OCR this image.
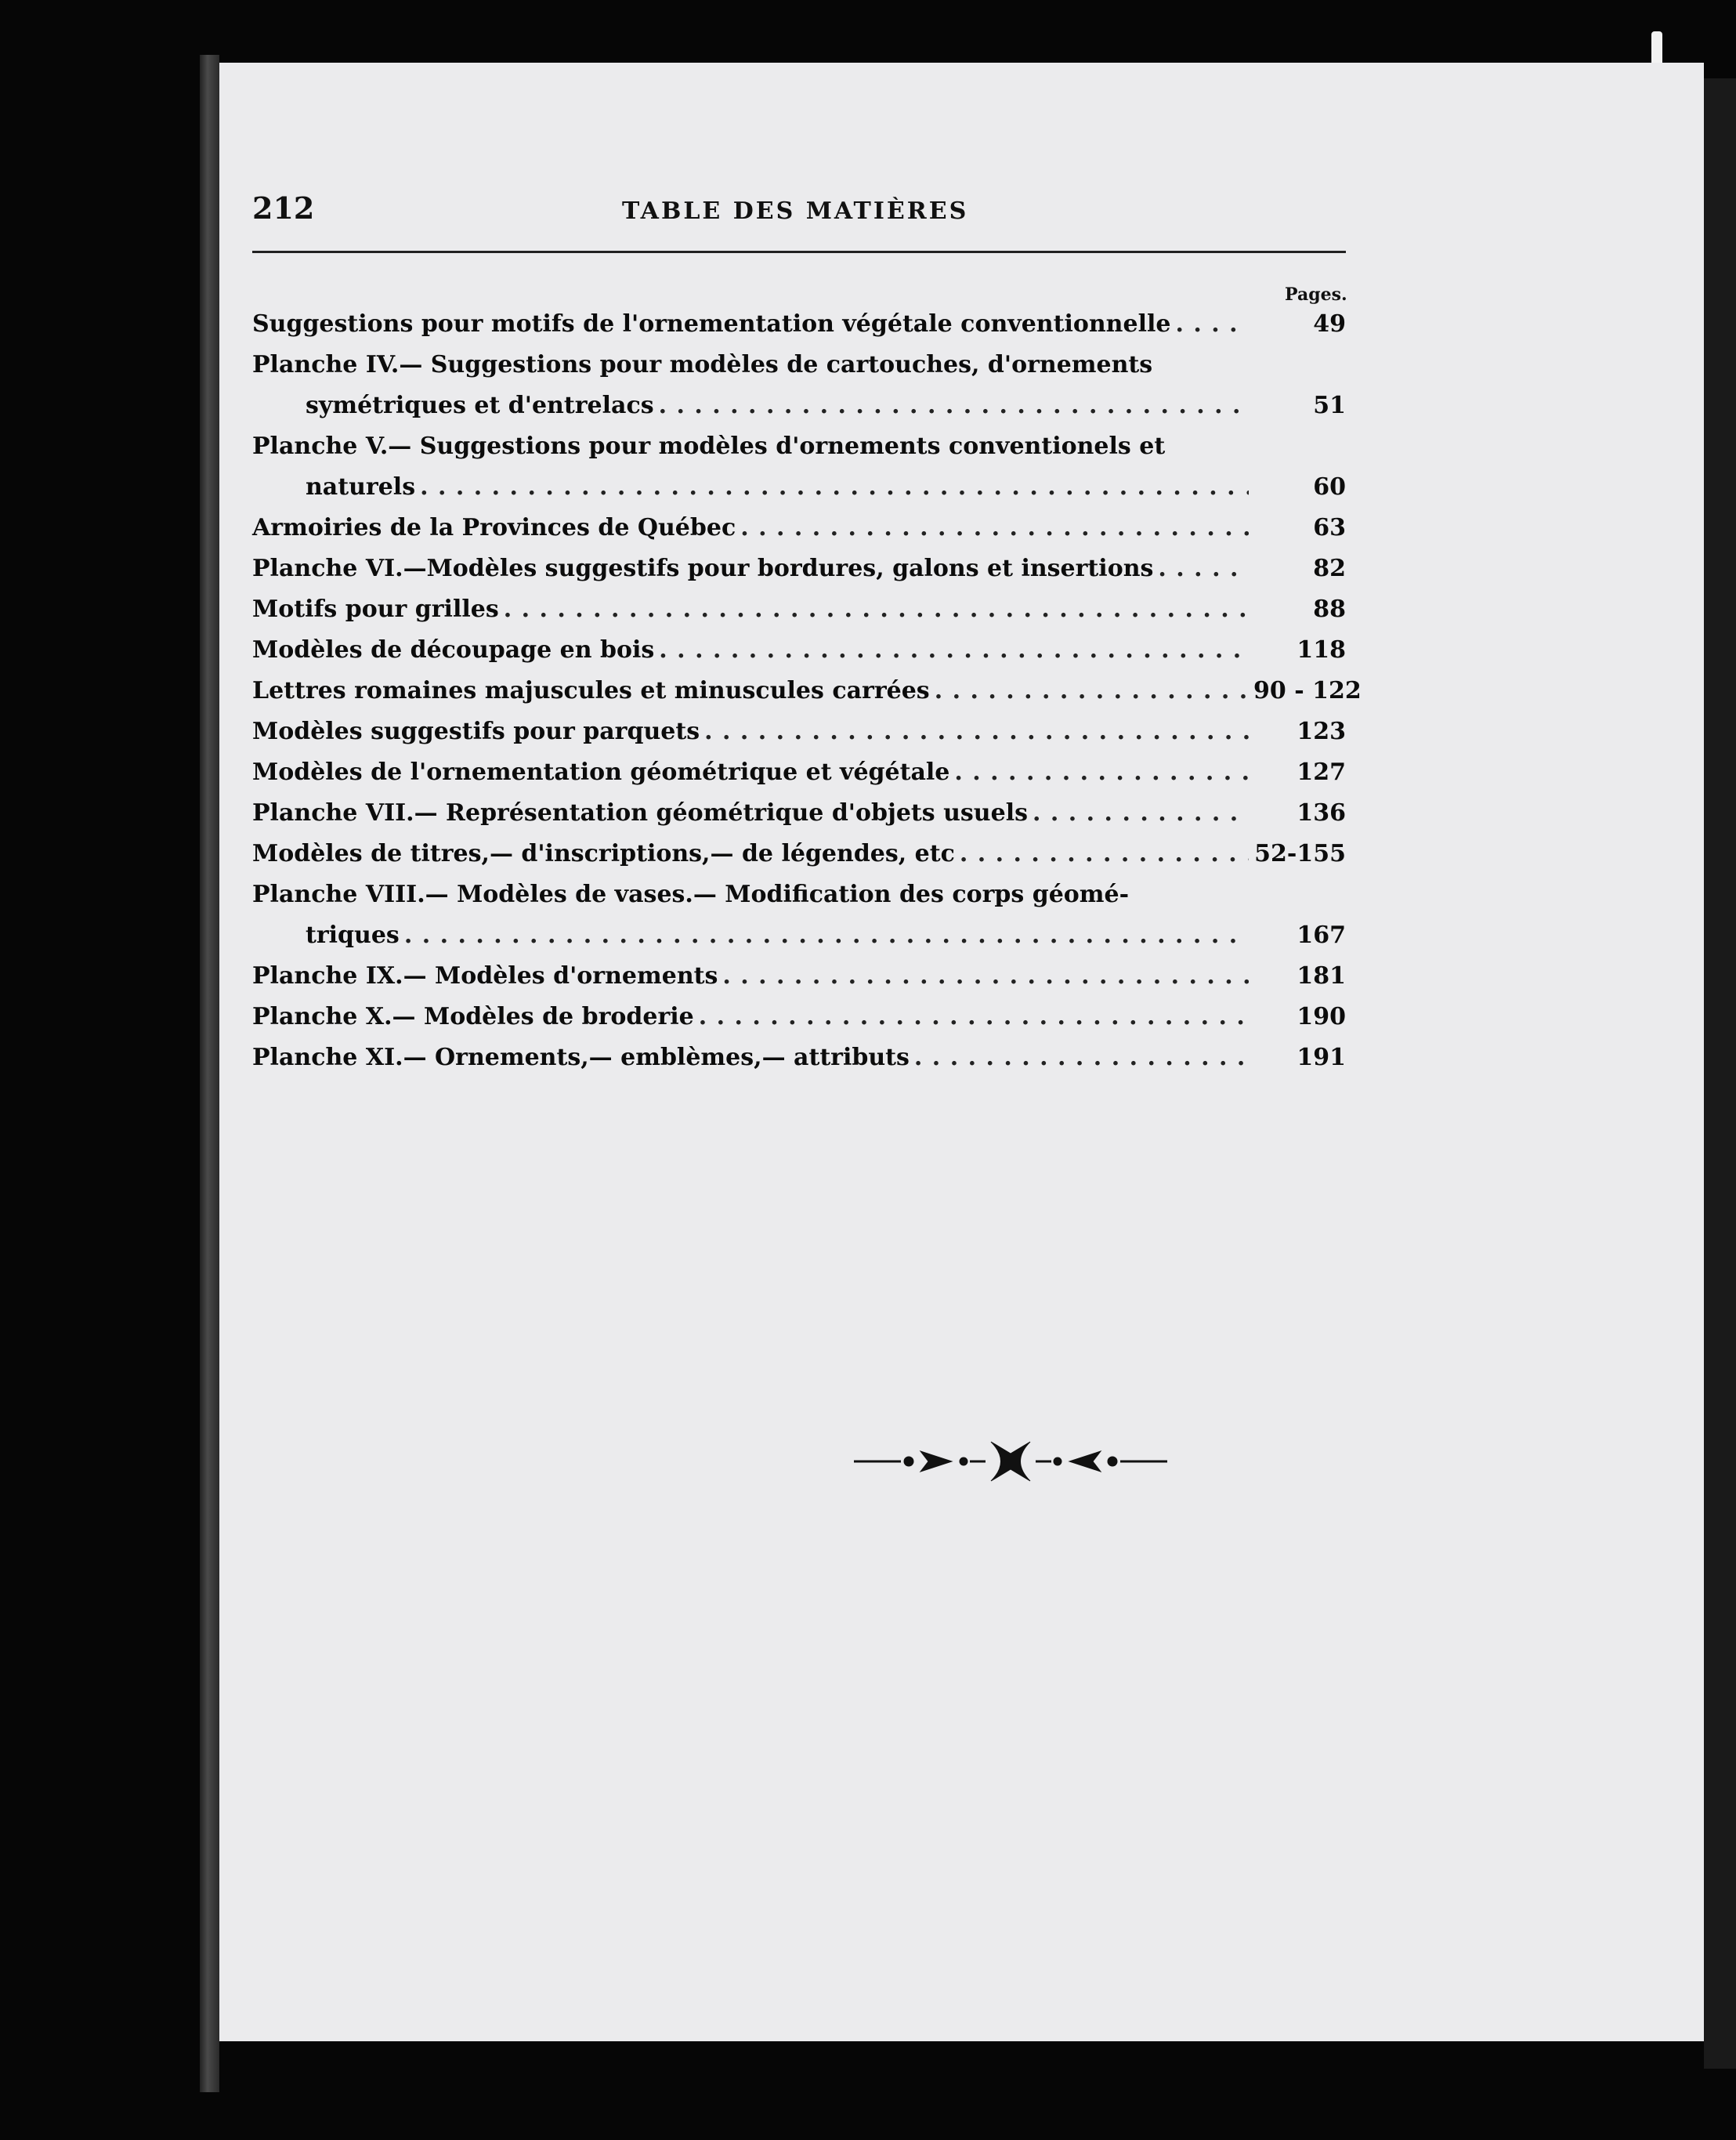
212	TABLE DES MATIÈRES
Pages.
Suggestions pour motifs de l'ornementation végétale conventionnelle . . .	49
Planche IV.— Suggestions pour modèles de cartouches, d'ornements
symétriques et d'entrelacs . . .	51
Planche V.— Suggestions pour modèles d'ornements conventionels et
naturels . . .	60
Armoiries de la Provinces de Québec . . .	63
Planche VI.—Modèles suggestifs pour bordures, galons et insertions . . .	82
Motifs pour grilles . . .	88
Modèles de découpage en bois . . .	118
Lettres romaines majuscules et minuscules carrées . . .	90 - 122
Modèles suggestifs pour parquets . . .	123
Modèles de l'ornementation géométrique et végétale . . .	127
Planche VII.— Représentation géométrique d'objets usuels . . .	136
Modèles de titres,— d'inscriptions,— de légendes, etc . . .	52-155
Planche VIII.— Modèles de vases.— Modification des corps géomé-
triques . . .	167
Planche IX.— Modèles d'ornements . . .	181
Planche X.— Modèles de broderie . . .	190
Planche XI.— Ornements,— emblèmes,— attributs . . .	191
